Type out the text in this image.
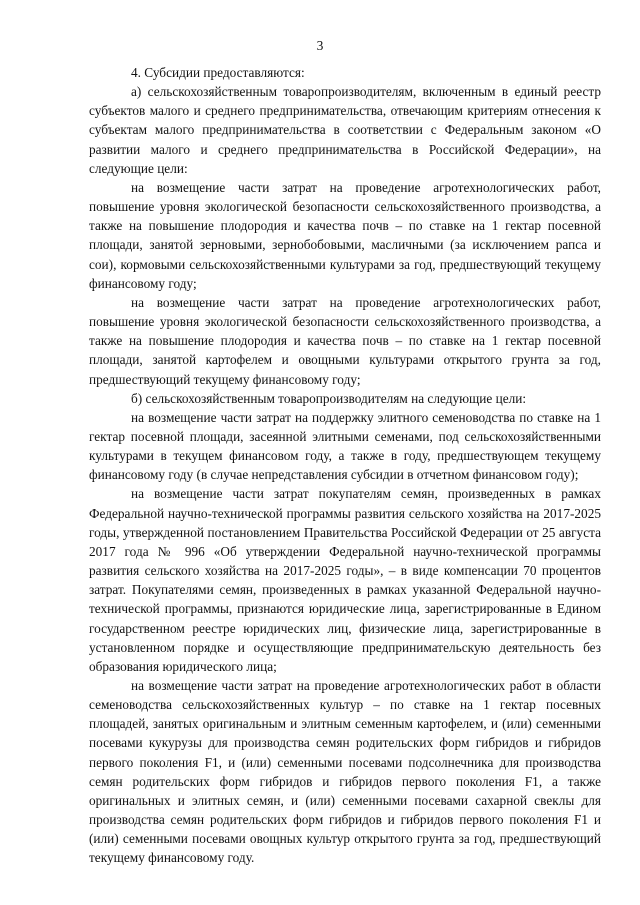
3

4. Субсидии предоставляются:

а) сельскохозяйственным товаропроизводителям, включенным в единый реестр субъектов малого и среднего предпринимательства, отвечающим критериям отнесения к субъектам малого предпринимательства в соответствии с Федеральным законом «О развитии малого и среднего предпринимательства в Российской Федерации», на следующие цели:

на возмещение части затрат на проведение агротехнологических работ, повышение уровня экологической безопасности сельскохозяйственного производства, а также на повышение плодородия и качества почв – по ставке на 1 гектар посевной площади, занятой зерновыми, зернобобовыми, масличными (за исключением рапса и сои), кормовыми сельскохозяйственными культурами за год, предшествующий текущему финансовому году;

на возмещение части затрат на проведение агротехнологических работ, повышение уровня экологической безопасности сельскохозяйственного производства, а также на повышение плодородия и качества почв – по ставке на 1 гектар посевной площади, занятой картофелем и овощными культурами открытого грунта за год, предшествующий текущему финансовому году;

б) сельскохозяйственным товаропроизводителям на следующие цели:

на возмещение части затрат на поддержку элитного семеноводства по ставке на 1 гектар посевной площади, засеянной элитными семенами, под сельскохозяйственными культурами в текущем финансовом году, а также в году, предшествующем текущему финансовому году (в случае непредставления субсидии в отчетном финансовом году);

на возмещение части затрат покупателям семян, произведенных в рамках Федеральной научно-технической программы развития сельского хозяйства на 2017-2025 годы, утвержденной постановлением Правительства Российской Федерации от 25 августа 2017 года № 996 «Об утверждении Федеральной научно-технической программы развития сельского хозяйства на 2017-2025 годы», – в виде компенсации 70 процентов затрат. Покупателями семян, произведенных в рамках указанной Федеральной научно-технической программы, признаются юридические лица, зарегистрированные в Едином государственном реестре юридических лиц, физические лица, зарегистрированные в установленном порядке и осуществляющие предпринимательскую деятельность без образования юридического лица;

на возмещение части затрат на проведение агротехнологических работ в области семеноводства сельскохозяйственных культур – по ставке на 1 гектар посевных площадей, занятых оригинальным и элитным семенным картофелем, и (или) семенными посевами кукурузы для производства семян родительских форм гибридов и гибридов первого поколения F1, и (или) семенными посевами подсолнечника для производства семян родительских форм гибридов и гибридов первого поколения F1, а также оригинальных и элитных семян, и (или) семенными посевами сахарной свеклы для производства семян родительских форм гибридов и гибридов первого поколения F1 и (или) семенными посевами овощных культур открытого грунта за год, предшествующий текущему финансовому году.
